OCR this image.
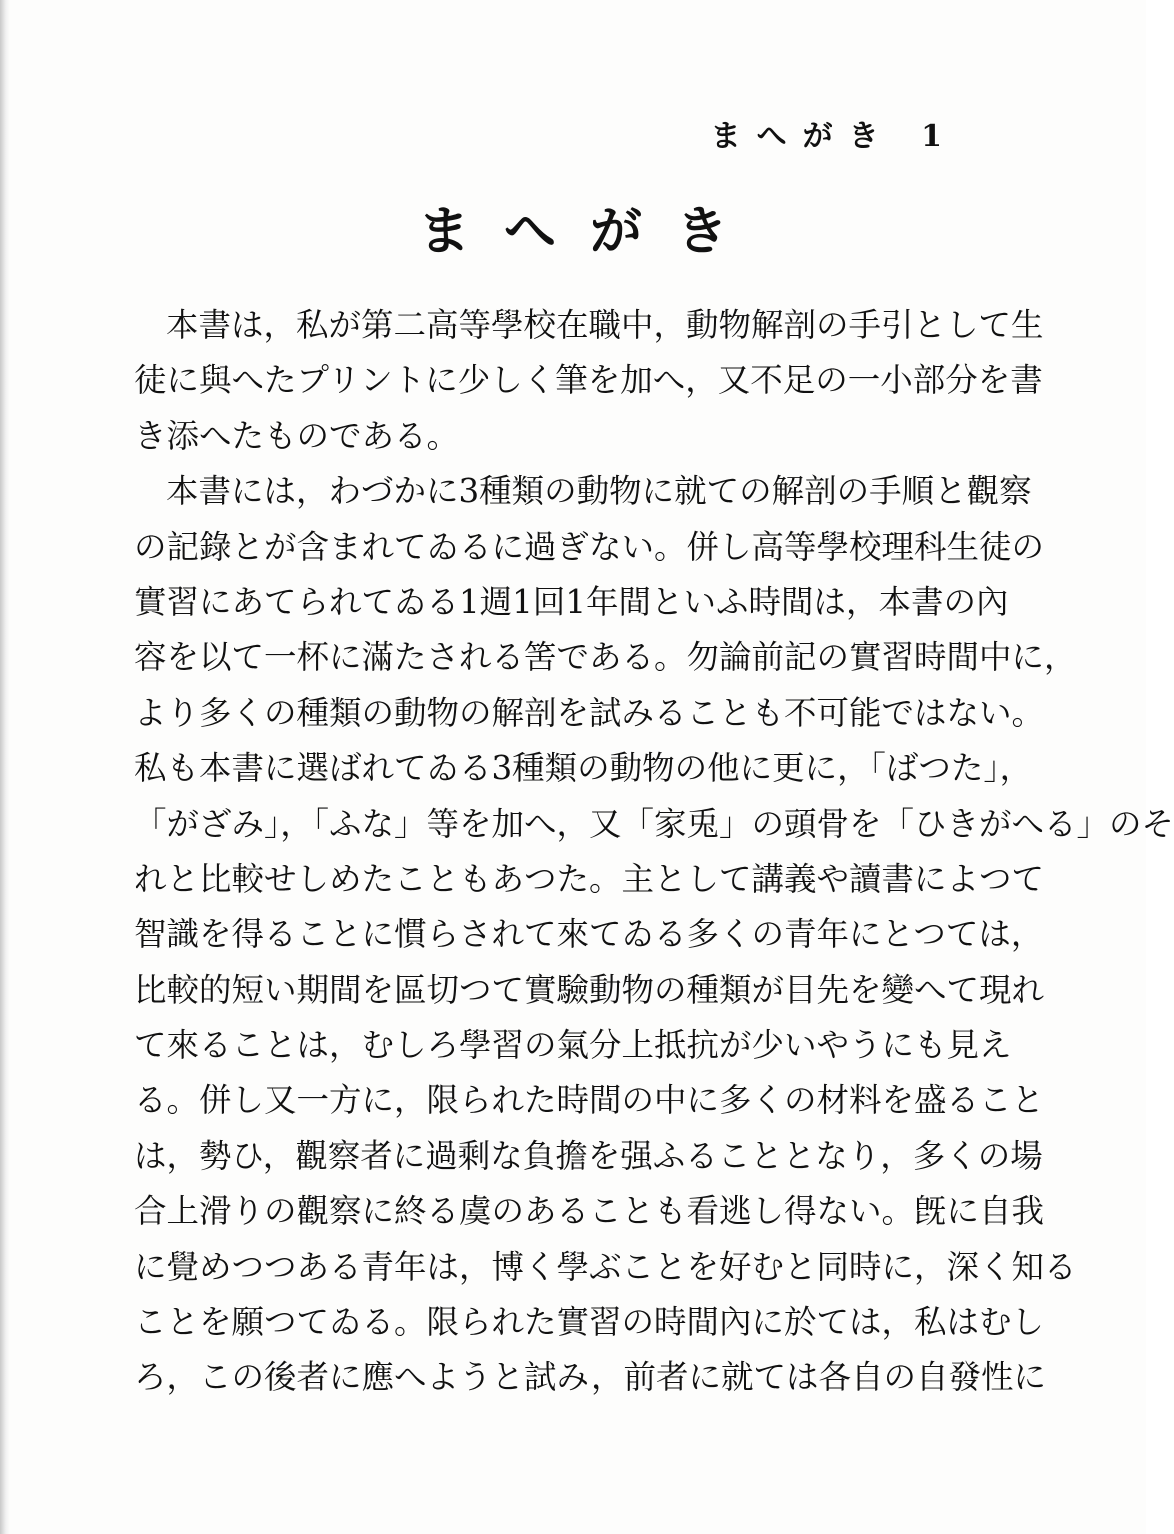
まへがき 1
まへがき
本書は，私が第二高等學校在職中，動物解剖の手引として生
徒に與へたプリントに少しく筆を加へ，又不足の一小部分を書
き添へたものである。
本書には，わづかに3種類の動物に就ての解剖の手順と觀察
の記錄とが含まれてゐるに過ぎない。併し高等學校理科生徒の
實習にあてられてゐる1週1回1年間といふ時間は，本書の內
容を以て一杯に滿たされる筈である。勿論前記の實習時間中に，
より多くの種類の動物の解剖を試みることも不可能ではない。
私も本書に選ばれてゐる3種類の動物の他に更に，「ばつた」，
「がざみ」，「ふな」等を加へ，又「家兎」の頭骨を「ひきがへる」のそ
れと比較せしめたこともあつた。主として講義や讀書によつて
智識を得ることに慣らされて來てゐる多くの青年にとつては，
比較的短い期間を區切つて實驗動物の種類が目先を變へて現れ
て來ることは，むしろ學習の氣分上抵抗が少いやうにも見え
る。併し又一方に，限られた時間の中に多くの材料を盛ること
は，勢ひ，觀察者に過剩な負擔を强ふることとなり，多くの場
合上滑りの觀察に終る虞のあることも看逃し得ない。旣に自我
に覺めつつある青年は，博く學ぶことを好むと同時に，深く知る
ことを願つてゐる。限られた實習の時間內に於ては，私はむし
ろ，この後者に應へようと試み，前者に就ては各自の自發性に
